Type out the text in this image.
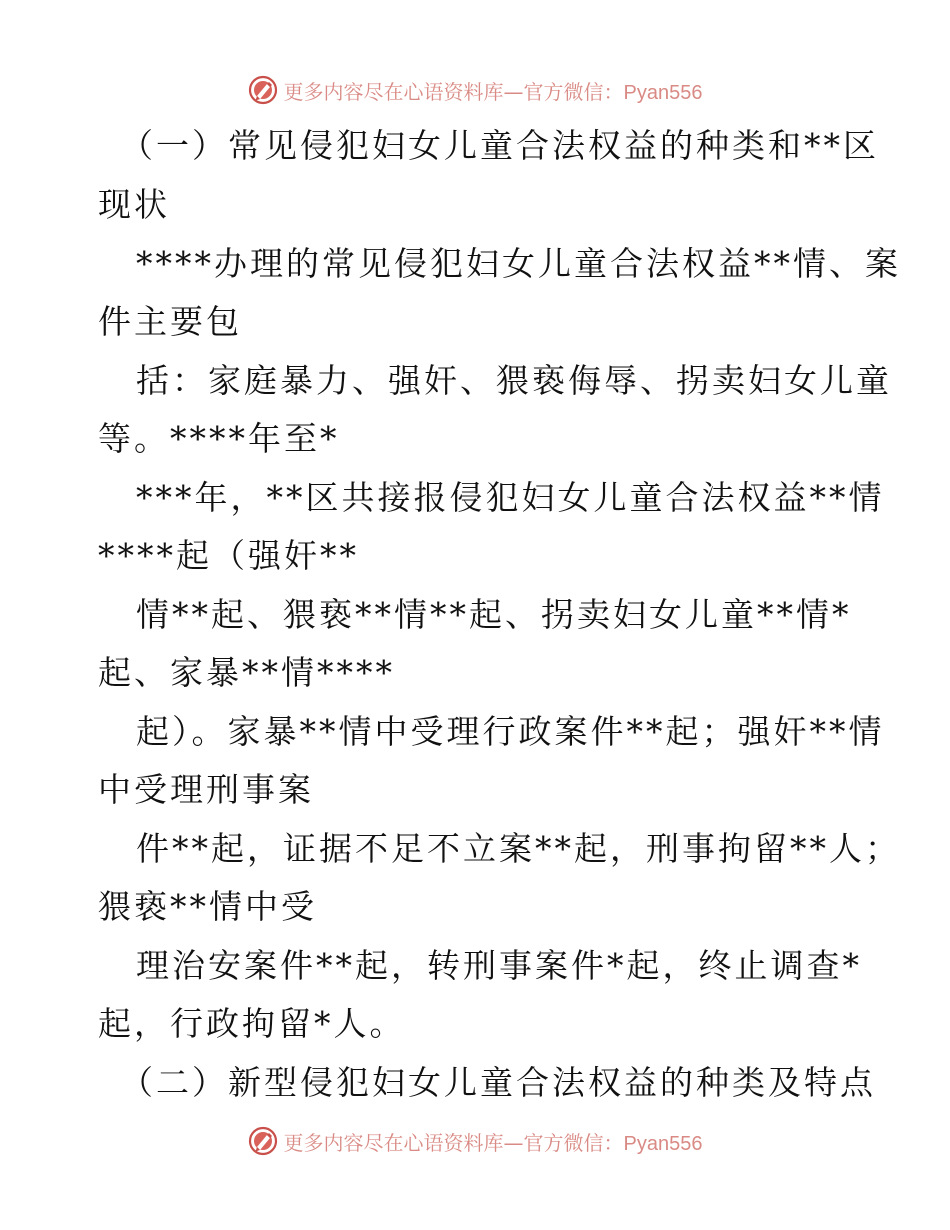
更多内容尽在心语资料库—官方微信：Pyan556
（一）常见侵犯妇女儿童合法权益的种类和**区
现状
****办理的常见侵犯妇女儿童合法权益**情、案
件主要包
括：家庭暴力、强奸、猥亵侮辱、拐卖妇女儿童
等。****年至*
***年，**区共接报侵犯妇女儿童合法权益**情
****起（强奸**
情**起、猥亵**情**起、拐卖妇女儿童**情*
起、家暴**情****
起）。家暴**情中受理行政案件**起；强奸**情
中受理刑事案
件**起，证据不足不立案**起，刑事拘留**人；
猥亵**情中受
理治安案件**起，转刑事案件*起，终止调查*
起，行政拘留*人。
（二）新型侵犯妇女儿童合法权益的种类及特点
更多内容尽在心语资料库—官方微信：Pyan556
